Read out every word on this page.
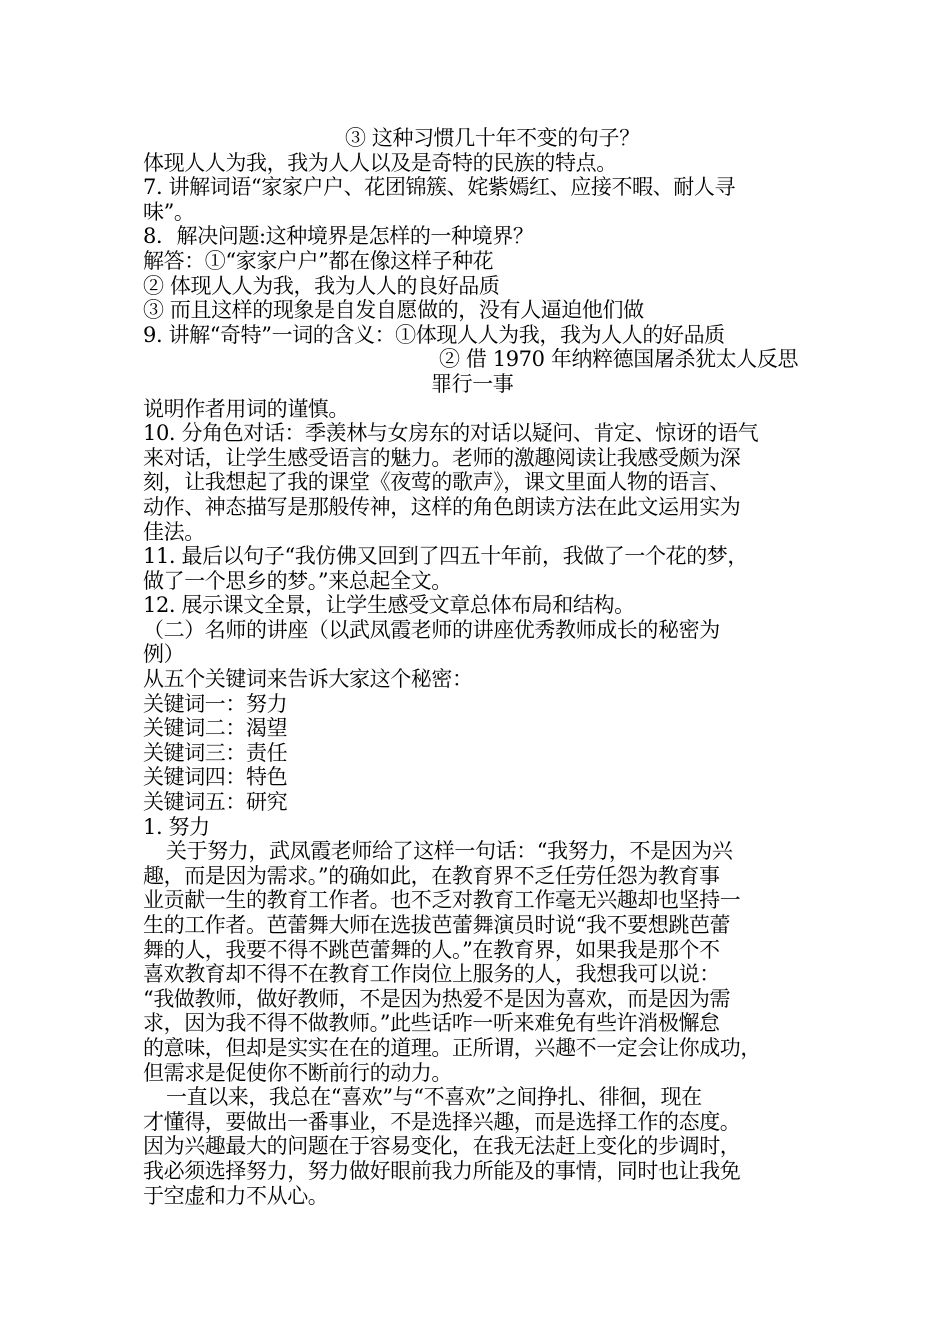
③ 这种习惯几十年不变的句子？
体现人人为我，我为人人以及是奇特的民族的特点。
7. 讲解词语“家家户户、花团锦簇、姹紫嫣红、应接不暇、耐人寻
味”。
8．解决问题:这种境界是怎样的一种境界？
解答：①“家家户户”都在像这样子种花
② 体现人人为我，我为人人的良好品质
③ 而且这样的现象是自发自愿做的，没有人逼迫他们做
9. 讲解“奇特”一词的含义：①体现人人为我，我为人人的好品质
② 借 1970 年纳粹德国屠杀犹太人反思
罪行一事
说明作者用词的谨慎。
10. 分角色对话：季羡林与女房东的对话以疑问、肯定、惊讶的语气
来对话，让学生感受语言的魅力。老师的激趣阅读让我感受颇为深
刻，让我想起了我的课堂《夜莺的歌声》，课文里面人物的语言、
动作、神态描写是那般传神，这样的角色朗读方法在此文运用实为
佳法。
11. 最后以句子“我仿佛又回到了四五十年前，我做了一个花的梦，
做了一个思乡的梦。”来总起全文。
12. 展示课文全景，让学生感受文章总体布局和结构。
（二）名师的讲座（以武凤霞老师的讲座优秀教师成长的秘密为
例）
从五个关键词来告诉大家这个秘密：
关键词一：努力
关键词二：渴望
关键词三：责任
关键词四：特色
关键词五：研究
1. 努力
关于努力，武凤霞老师给了这样一句话：“我努力，不是因为兴
趣，而是因为需求。”的确如此，在教育界不乏任劳任怨为教育事
业贡献一生的教育工作者。也不乏对教育工作毫无兴趣却也坚持一
生的工作者。芭蕾舞大师在选拔芭蕾舞演员时说“我不要想跳芭蕾
舞的人，我要不得不跳芭蕾舞的人。”在教育界，如果我是那个不
喜欢教育却不得不在教育工作岗位上服务的人，我想我可以说：
“我做教师，做好教师，不是因为热爱不是因为喜欢，而是因为需
求，因为我不得不做教师。”此些话咋一听来难免有些许消极懈怠
的意味，但却是实实在在的道理。正所谓，兴趣不一定会让你成功，
但需求是促使你不断前行的动力。
一直以来，我总在“喜欢”与“不喜欢”之间挣扎、徘徊，现在
才懂得，要做出一番事业，不是选择兴趣，而是选择工作的态度。
因为兴趣最大的问题在于容易变化，在我无法赶上变化的步调时，
我必须选择努力，努力做好眼前我力所能及的事情，同时也让我免
于空虚和力不从心。
